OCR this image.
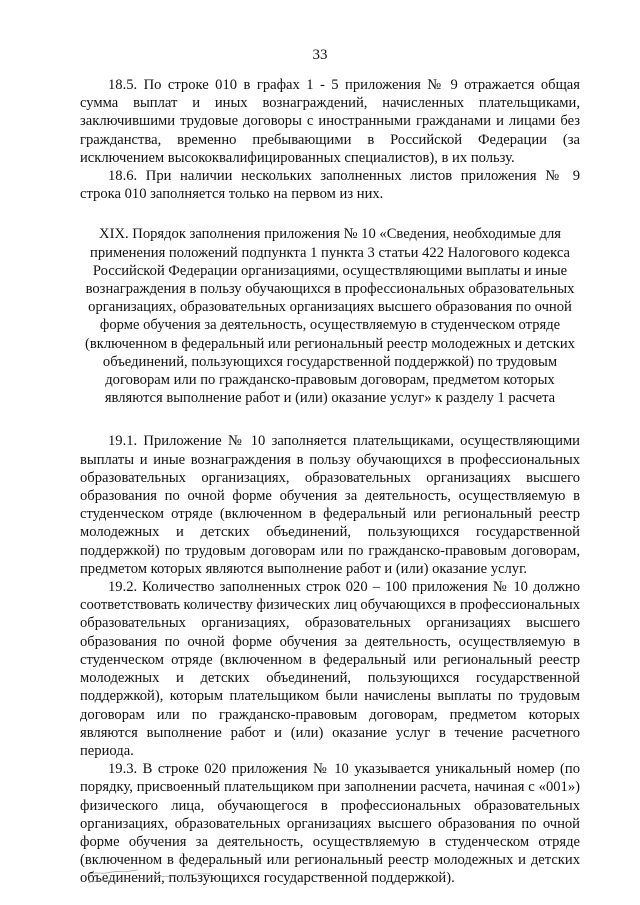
33

18.5. По строке 010 в графах 1 - 5 приложения № 9 отражается общая сумма выплат и иных вознаграждений, начисленных плательщиками, заключившими трудовые договоры с иностранными гражданами и лицами без гражданства, временно пребывающими в Российской Федерации (за исключением высококвалифицированных специалистов), в их пользу.

18.6. При наличии нескольких заполненных листов приложения № 9 строка 010 заполняется только на первом из них.

XIX. Порядок заполнения приложения № 10 «Сведения, необходимые для применения положений подпункта 1 пункта 3 статьи 422 Налогового кодекса Российской Федерации организациями, осуществляющими выплаты и иные вознаграждения в пользу обучающихся в профессиональных образовательных организациях, образовательных организациях высшего образования по очной форме обучения за деятельность, осуществляемую в студенческом отряде (включенном в федеральный или региональный реестр молодежных и детских объединений, пользующихся государственной поддержкой) по трудовым договорам или по гражданско-правовым договорам, предметом которых являются выполнение работ и (или) оказание услуг» к разделу 1 расчета

19.1. Приложение № 10 заполняется плательщиками, осуществляющими выплаты и иные вознаграждения в пользу обучающихся в профессиональных образовательных организациях, образовательных организациях высшего образования по очной форме обучения за деятельность, осуществляемую в студенческом отряде (включенном в федеральный или региональный реестр молодежных и детских объединений, пользующихся государственной поддержкой) по трудовым договорам или по гражданско-правовым договорам, предметом которых являются выполнение работ и (или) оказание услуг.

19.2. Количество заполненных строк 020 – 100 приложения № 10 должно соответствовать количеству физических лиц обучающихся в профессиональных образовательных организациях, образовательных организациях высшего образования по очной форме обучения за деятельность, осуществляемую в студенческом отряде (включенном в федеральный или региональный реестр молодежных и детских объединений, пользующихся государственной поддержкой), которым плательщиком были начислены выплаты по трудовым договорам или по гражданско-правовым договорам, предметом которых являются выполнение работ и (или) оказание услуг в течение расчетного периода.

19.3. В строке 020 приложения № 10 указывается уникальный номер (по порядку, присвоенный плательщиком при заполнении расчета, начиная с «001») физического лица, обучающегося в профессиональных образовательных организациях, образовательных организациях высшего образования по очной форме обучения за деятельность, осуществляемую в студенческом отряде (включенном в федеральный или региональный реестр молодежных и детских объединений, пользующихся государственной поддержкой).
